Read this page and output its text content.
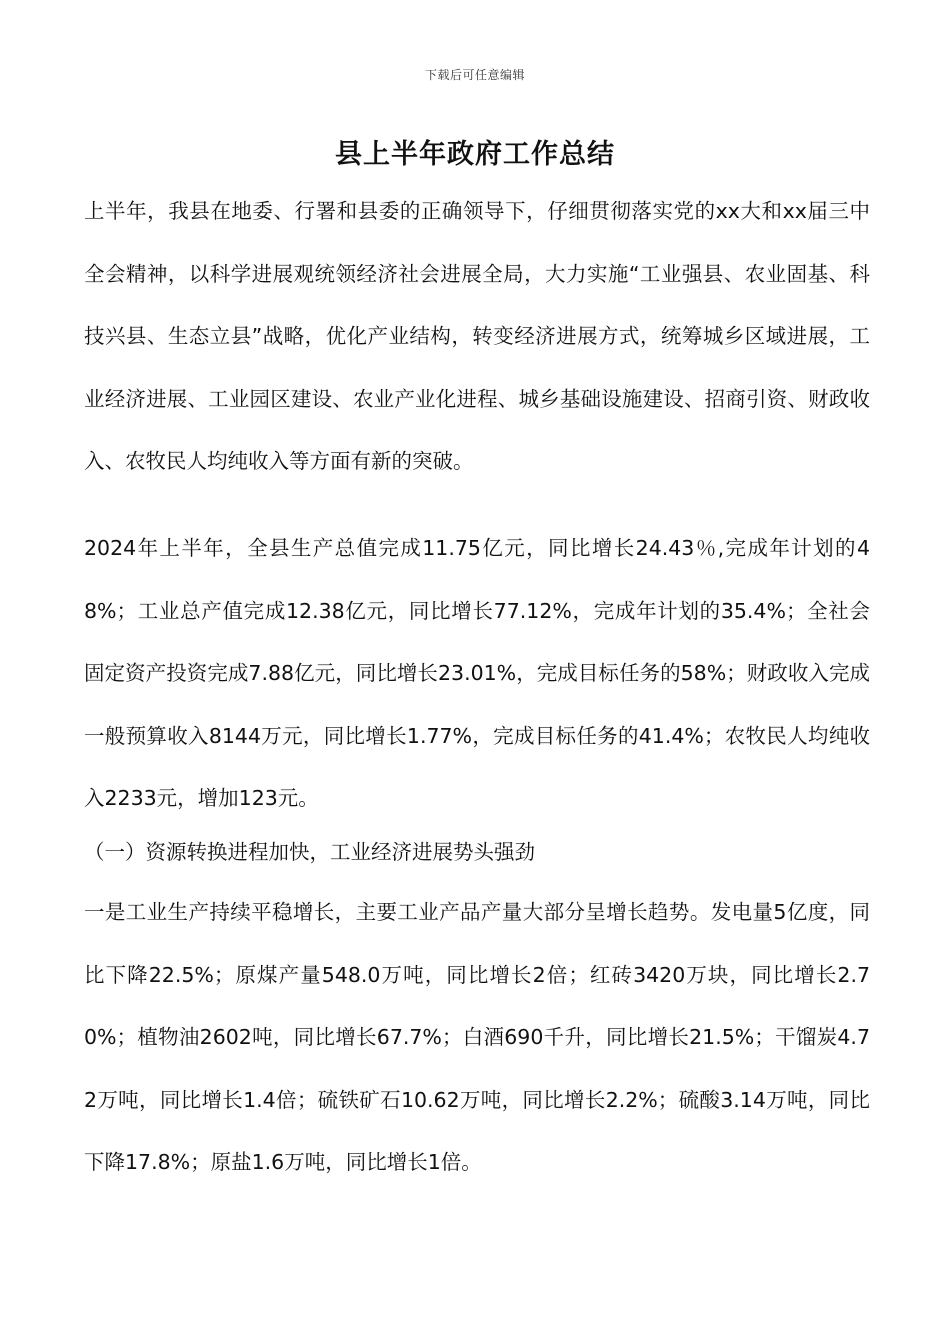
下载后可任意编辑
县上半年政府工作总结

上半年，我县在地委、行署和县委的正确领导下，仔细贯彻落实党的xx大和xx届三中全会精神，以科学进展观统领经济社会进展全局，大力实施“工业强县、农业固基、科技兴县、生态立县”战略，优化产业结构，转变经济进展方式，统筹城乡区域进展，工业经济进展、工业园区建设、农业产业化进程、城乡基础设施建设、招商引资、财政收入、农牧民人均纯收入等方面有新的突破。

2024年上半年，全县生产总值完成11.75亿元，同比增长24.43％,完成年计划的48%；工业总产值完成12.38亿元，同比增长77.12%，完成年计划的35.4%；全社会固定资产投资完成7.88亿元，同比增长23.01%，完成目标任务的58%；财政收入完成一般预算收入8144万元，同比增长1.77%，完成目标任务的41.4%；农牧民人均纯收入2233元，增加123元。

（一）资源转换进程加快，工业经济进展势头强劲

一是工业生产持续平稳增长，主要工业产品产量大部分呈增长趋势。发电量5亿度，同比下降22.5%；原煤产量548.0万吨，同比增长2倍；红砖3420万块，同比增长2.70%；植物油2602吨，同比增长67.7%；白酒690千升，同比增长21.5%；干馏炭4.72万吨，同比增长1.4倍；硫铁矿石10.62万吨，同比增长2.2%；硫酸3.14万吨，同比下降17.8%；原盐1.6万吨，同比增长1倍。
